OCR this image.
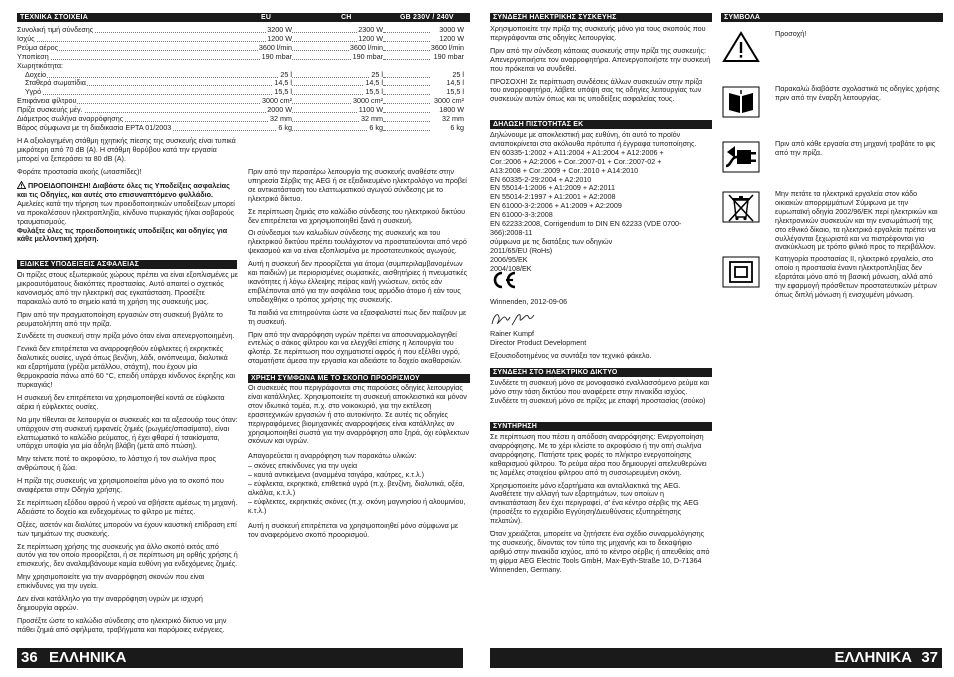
ΤΕΧΝΙΚΑ ΣΤΟΙΧΕΙΑ	EU	CH	GB 230V / 240V
Συνολική τιμή σύνδεσης	3200 W	2300 W	3000 W
Ισχύς	1200 W	1200 W	1200 W
Ρεύμα αέρος	3600 l/min	3600 l/min	3600 l/min
Υποπίεση	190 mbar	190 mbar	190 mbar
Χωρητικότητα:
Δοχείο	25 l	25 l	25 l
Σταθερά σωματίδια	14,5 l	14,5 l	14,5 l
Υγρό	15,5 l	15,5 l	15,5 l
Επιφάνεια φίλτρου	3000 cm²	3000 cm²	3000 cm²
Πρίζα συσκευής μέγ.	2000 W	1100 W	1800 W
Διάμετρος σωλήνα αναρρόφησης	32 mm	32 mm	32 mm
Βάρος σύμφωνα με τη διαδικασία EPTA 01/2003	6 kg	6 kg	6 kg

Η Α αξιολογημένη στάθμη ηχητικής πίεσης της συσκευής είναι τυπικά μικρότερη από 70 dB (A). Η στάθμη θορύβου κατά την εργασία μπορεί να ξεπεράσει τα 80 dB (A).

Φοράτε προστασία ακοής (ωτασπίδες)!

ΠΡΟΕΙΔΟΠΟΙΗΣΗ! Διαβάστε όλες τις Υποδείξεις ασφαλείας και τις Οδηγίες, και αυτές στο επισυναπτόμενο φυλλάδιο. Αμελείες κατά την τήρηση των προειδοποιητικών υποδείξεων μπορεί να προκαλέσουν ηλεκτροπληξία, κίνδυνο πυρκαγιάς ή/και σοβαρούς τραυματισμούς.

Φυλάξτε όλες τις προειδοποιητικές υποδείξεις και οδηγίες για κάθε μελλοντική χρήση.

ΕΙΔΙΚΕΣ ΥΠΟΔΕΙΞΕΙΣ ΑΣΦΑΛΕΙΑΣ

Οι πρίζες στους εξωτερικούς χώρους πρέπει να είναι εξοπλισμένες με μικροαυτόματους διακόπτες προστασίας. Αυτό απαιτεί ο σχετικός κανονισμός από την ηλεκτρική σας εγκατάσταση. Προσέξτε παρακαλώ αυτό το σημείο κατά τη χρήση της συσκευής μας.

Πριν από την πραγματοποίηση εργασιών στη συσκευή βγάλτε το ρευματολήπτη από την πρίζα.

Συνδέετε τη συσκευή στην πρίζα μόνο όταν είναι απενεργοποιημένη.

Γενικά δεν επιτρέπεται να αναρροφηθούν εύφλεκτες ή εκρηκτικές διαλυτικές ουσίες, υγρά όπως βενζίνη, λάδι, οινόπνευμα, διαλυτικά και εξαρτήματα (γρέζια μετάλλου, στάχτη), που έχουν μία θερμοκρασία πάνω από 60 °C, επειδή υπάρχει κίνδυνος έκρηξης και πυρκαγιάς!

Η συσκευή δεν επιτρέπεται να χρησιμοποιηθεί κοντά σε εύφλεκτα αέρια ή εύφλεκτες ουσίες.

Να μην τίθενται σε λειτουργία οι συσκευές και τα αξεσουάρ τους όταν: υπάρχουν στη συσκευή εμφανείς ζημιές (ρωγμές/σπασίματα), είναι ελαττωματικό το καλώδιο ρεύματος, ή έχει φθαρεί ή τσακίσματα, υπάρχει υποψία για μία άδηλη βλάβη (μετά από πτώση).

Μην τείνετε ποτέ το ακροφύσιο, το λάστιχο ή τον σωλήνα προς ανθρώπους ή ζώα.

Η πρίζα της συσκευής να χρησιμοποιείται μόνο για το σκοπό που αναφέρεται στην Οδηγία χρήσης.

Σε περίπτωση εξόδου αφρού ή νερού να σβήσετε αμέσως τη μηχανή. Αδειάστε το δοχείο και ενδεχομένως το φίλτρο με πιέτες.

Οξέες, ασετόν και διαλύτες μπορούν να έχουν καυστική επίδραση επί των τμημάτων της συσκευής.

Σε περίπτωση χρήσης της συσκευής για άλλο σκοπό εκτός από αυτόν για τον οποίο προορίζεται, ή σε περίπτωση μη ορθής χρήσης ή επισκευής, δεν αναλαμβάνουμε καμία ευθύνη για ενδεχόμενες ζημιές.

Μην χρησιμοποιείτε για την αναρρόφηση σκονών που είναι επικίνδυνες για την υγεία.

Δεν είναι κατάλληλο για την αναρρόφηση υγρών με ισχυρή δημιουργία αφρών.

Προσέξτε ώστε το καλώδιο σύνδεσης στο ηλεκτρικό δίκτυο να μην πάθει ζημιά από σφήλματα, τραβήγματα και παρόμοιες ενέργειες.

Πριν από την περαιτέρω λειτουργία της συσκευής αναθέστε στην υπηρεσία Σέρβις της AEG ή σε εξειδικευμένο ηλεκτρολόγο να προβεί σε αντικατάσταση του ελαττωματικού αγωγού σύνδεσης με το ηλεκτρικό δίκτυο.

Σε περίπτωση ζημιάς στο καλώδιο σύνδεσης του ηλεκτρικού δικτύου δεν επιτρέπεται να χρησιμοποιηθεί ξανά η συσκευή.

Οι σύνδεσμοι των καλωδίων σύνδεσης της συσκευής και του ηλεκτρικού δικτύου πρέπει τουλάχιστον να προστατεύονται από νερό ψεκασμού και να είναι εξοπλισμένα με προστατευτικούς αγωγούς.

Αυτή η συσκευή δεν προορίζεται για άτομα (συμπεριλαμβανομένων και παιδιών) με περιορισμένες σωματικές, αισθητήριες ή πνευματικές ικανότητες ή λόγω έλλειψης πείρας και/ή γνώσεων, εκτός εάν επιβλέπονται από για την ασφάλεια τους αρμόδιο άτομο ή εάν τους υποδειχθήκε ο τρόπος χρήσης της συσκευής.

Τα παιδιά να επιτηρούνται ώστε να εξασφαλιστεί πως δεν παίζουν με τη συσκευή.

Πριν από την αναρρόφηση υγρών πρέπει να αποσυναρμολογηθεί εντελώς ο σάκος φίλτρου και να ελεγχθεί επίσης η λειτουργία του φλοτέρ. Σε περίπτωση που σχηματιστεί αφρός ή που εξέλθει υγρό, σταματήστε άμεσα την εργασία και αδειάστε το δοχείο ακαθαρσιών.

ΧΡΗΣΗ ΣΥΜΦΩΝΑ ΜΕ ΤΟ ΣΚΟΠΟ ΠΡΟΟΡΙΣΜΟΥ

Οι συσκευές που περιγράφονται στις παρούσες οδηγίες λειτουργίας είναι κατάλληλες. Χρησιμοποιείτε τη συσκευή αποκλειστικά και μόνον στον ιδιωτικό τομέα, π.χ. στο νοικοκυριό, για την εκτέλεση ερασιτεχνικών εργασιών ή στο αυτοκίνητο. Σε αυτές τις οδηγίες περιγραφόμενες βιομηχανικές αναρροφήσεις είναι κατάλληλες αν χρησιμοποιηθεί σωστά για την αναρρόφηση απο ξηρά, όχι εύφλεκτων σκόνων και υγρών.

Απαγορεύεται η αναρρόφηση των παρακάτω υλικών:

– σκόνες επικίνδυνες για την υγεία
– καυτά αντικείμενα (αναμμένα τσιγάρα, καύτρες, κ.τ.λ.)
– εύφλεκτα, εκρηκτικά, επιθετικά υγρά (π.χ. βενζίνη, διαλυτικά, οξέα, αλκάλια, κ.τ.λ.)
– εύφλεκτες, εκρηκτικές σκόνες (π.χ. σκόνη μαγνησίου ή αλουμινίου, κ.τ.λ.)

Αυτή η συσκευή επιτρέπεται να χρησιμοποιηθεί μόνο σύμφωνα με τον αναφερόμενο σκοπό προορισμού.

36 ΕΛΛΗΝΙΚΑ
ΣΥΝΔΕΣΗ ΗΛΕΚΤΡΙΚΗΣ ΣΥΣΚΕΥΗΣ

Χρησιμοποιείτε την πρίζα της συσκευής μόνο για τους σκοπούς που περιγράφονται στις οδηγίες λειτουργίας.

Πριν από την σύνδεση κάποιας συσκευής στην πρίζα της συσκευής: Απενεργοποιήστε τον αναρροφητήρα. Απενεργοποιήστε την συσκευή που πρόκειται να συνδεθεί.

ΠΡΟΣΟΧΗ! Σε περίπτωση συνδέσεις άλλων συσκευών στην πρίζα του αναρροφητήρα, λάβετε υπόψη σας τις οδηγίες λειτουργίας των συσκευών αυτών όπως και τις υποδείξεις ασφαλείας τους.

ΔΗΛΩΣΗ ΠΙΣΤΟΤΗΤΑΣ ΕΚ

Δηλώνουμε με αποκλειστική μας ευθύνη, ότι αυτό το προϊόν ανταποκρίνεται στα ακόλουθα πρότυπα ή έγγραφα τυποποίησης.

EN 60335-1:2002 + A11:2004 + A1:2004 + A12:2006 +
Cor.:2006 + A2:2006 + Cor.:2007-01 + Cor.:2007-02 +
A13:2008 + Cor.:2009 + Cor.:2010 + A14:2010
EN 60335-2-29:2004 + A2:2010
EN 55014-1:2006 + A1:2009 + A2:2011
EN 55014-2:1997 + A1:2001 + A2:2008
EN 61000-3-2:2006 + A1:2009 + A2:2009
EN 61000-3-3:2008
EN 62233:2008, Corrigendum to DIN EN 62233 (VDE 0700-366):2008-11
σύμφωνα με τις διατάξεις των οδηγιών
2011/65/EU (RoHs)
2006/95/EK
2004/108/EK
Winnenden, 2012-09-06
Rainer Kumpf
Director Product Development
Εξουσιοδοτημένος να συντάξει τον τεχνικό φάκελο.
ΣΥΝΔΕΣΗ ΣΤΟ ΗΛΕΚΤΡΙΚΟ ΔΙΚΤΥΟ

Συνδέετε τη συσκευή μόνο σε μονοφασικό εναλλασσόμενο ρεύμα και μόνο στην τάση δικτύου που αναφέρετε στην πινακίδα ισχύος. Συνδέετε τη συσκευή μόνο σε πρίζες με επαφή προστασίας (σούκο)

ΣΥΝΤΗΡΗΣΗ

Σε περίπτωση που πέσει η απόδοση αναρρόφησης: Ενεργοποίηση αναρρόφησης. Με το χέρι κλείστε το ακροφύσιο ή την οπή σωλήνα αναρρόφησης. Πατήστε τρεις φορές το πλήκτρο ενεργοποίησης καθαρισμού φίλτρου. Το ρεύμα αέρα που δημιουργεί απελευθερώνει τις λαμέλες στοιχείου φίλτρου από τη συσσωρευμένη σκόνη.

Χρησιμοποιείτε μόνο εξαρτήματα και ανταλλακτικά της AEG. Αναθέτετε την αλλαγή των εξαρτημάτων, των οποίων η αντικατάσταση δεν έχει περιγραφεί, σ' ένα κέντρο σέρβις της AEG (προσέξτε το εγχειρίδιο Εγγύηση/Διευθύνσεις εξυπηρέτησης πελατών).

Όταν χρειάζεται, μπορείτε να ζητήσετε ένα σχέδιο συναρμολόγησης της συσκευής, δίνοντας τον τύπο της μηχανής και το δεκαψήφιο αριθμό στην πινακίδα ισχύος, από το κέντρο σέρβις ή απευθείας από τη φίρμα AEG Electric Tools GmbH, Max-Eyth-Straße 10, D-71364 Winnenden, Germany.

ΣΥΜΒΟΛΑ
Προσοχή!
Παρακαλώ διαβάστε σχολαστικά τις οδηγίες χρήσης πριν από την έναρξη λειτουργίας.
Πριν από κάθε εργασία στη μηχανή τραβάτε το φις από την πρίζα.
Μην πετάτε τα ηλεκτρικά εργαλεία στον κάδο οικιακών απορριμμάτων! Σύμφωνα με την ευρωπαϊκή οδηγία 2002/96/ΕΚ περί ηλεκτρικών και ηλεκτρονικών συσκευών και την ενσωμάτωσή της στο εθνικό δίκαιο, τα ηλεκτρικά εργαλεία πρέπει να συλλέγονται ξεχωριστά και να πιστρέφονται για ανακύκλωση με τρόπο φιλικό προς το περιβάλλον.
Κατηγορία προστασίας ΙΙ, ηλεκτρικό εργαλείο, στο οποίο η προστασία έναντι ηλεκτροπληξίας δεν εξαρτάται μόνο από τη βασική μόνωση, αλλά από την εφαρμογή πρόσθετων προστατευτικών μέτρων όπως διπλή μόνωση ή ενισχυμένη μόνωση.
ΕΛΛΗΝΙΚΑ 37
